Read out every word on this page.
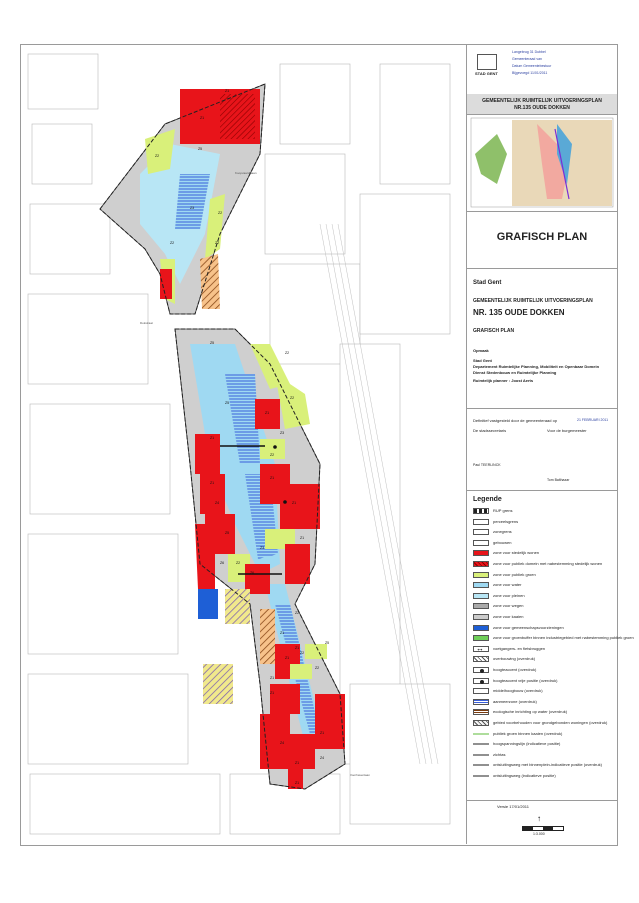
Koopvaardijlaan
Dokstraat
Voorhavenlaan
Z1
Z1
Z5
Z2
Z2
Z3
Z2	Z2
Z5
Z2
Z2
Z5
Z3
Z1
Z1
Z2
Z1
Z1
Z4
Z5
Z1
Z1
Z2
Z3
Z2
Z6
Z6
Z1
Z1
Z1
Z1
Z2
Z1
Z4
Z5
Z2
Z1
Z1
Z1
Z4
STAD GENT
Langebrug 31 Dubbel
Gemeenteraad van
Datum Gemeentebestuur
Bijgevoegd 11/01/2011
GEMEENTELIJK RUIMTELIJK UITVOERINGSPLAN
NR.135 OUDE DOKKEN
GRAFISCH PLAN
Stad Gent
GEMEENTELIJK RUIMTELIJK UITVOERINGSPLAN
NR. 135 OUDE DOKKEN
GRAFISCH PLAN
Opmaak
Stad Gent
Departement Ruimtelijke Planning, Mobiliteit en Openbaar Domein
Dienst Stedenbouw en Ruimtelijke Planning
Ruimtelijk planner : Joost Aerts
Definitief vastgesteld door de gemeenteraad op	21 FEBRUARI 2011
De stadssecretaris	Voor de burgemeester
Paul TEERLINCK
Tom Balthazar
Legende
RUP grens
perceelsgrens
zonegrens
gebouwen
zone voor stedelijk wonen
zone voor publiek domein met nabestemming stedelijk wonen
zone voor publiek groen
zone voor water
zone voor pleinen
zone voor wegen
zone voor kaaien
zone voor gemeenschapsvoorzieningen
zone voor groenbuffer binnen industriegebied met nabestemming publiek groen
↔ voetgangers- en fietsbruggen
overbouwing (overdruk)
hoogteaccent (overdruk)
hoogteaccent vrije positie (overdruk)
middelhoogbouw (overdruk)
aanmeerzone (overdruk)
ecologische inrichting op water (overdruk)
gebied voorbehouden voor grondgebonden woningen (overdruk)
publiek groen binnen kaaien (overdruk)
hoogspanningslijn (indicatieve positie)
zichtas
ontsluitingsweg met binnenplein-indicatieve positie (overdruk)
ontsluitingsweg (indicatieve positie)
Versie 17/01/2011
↑
1:3.000
